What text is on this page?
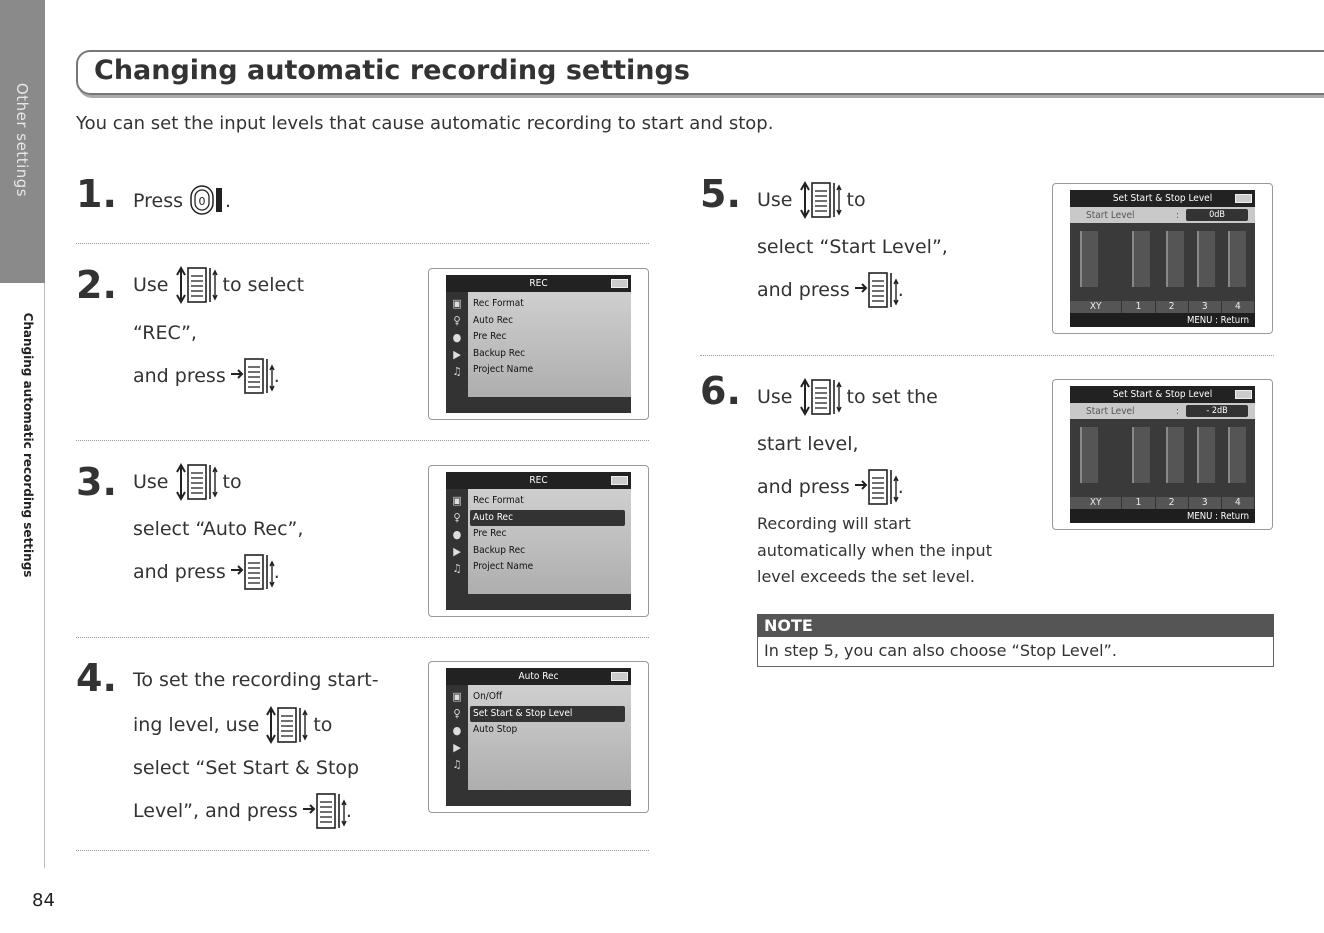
Other settings
Changing automatic recording settings
84
Changing automatic recording settings
You can set the input levels that cause automatic recording to start and stop.
1. Press 0 .
2. Use	to select
“REC”,
and press	.
REC
▣
♀
●
▶
♫
Rec Format
Auto Rec
Pre Rec
Backup Rec
Project Name
3. Use	to
select “Auto Rec”,
and press	.
REC
▣
♀
●
▶
♫
Rec Format
Auto Rec
Pre Rec
Backup Rec
Project Name
4. To set the recording start-
ing level, use	to
select “Set Start & Stop
Level”, and press	.
Auto Rec
▣
♀
●
▶
♫
On/Off
Set Start & Stop Level
Auto Stop
5. Use	to
select “Start Level”,
and press	.
Set Start & Stop Level
Start Level	:	0dB
XY	1	2	3	4
MENU : Return
6. Use	to set the
start level,
and press	.
Recording will start
automatically when the input
level exceeds the set level.
Set Start & Stop Level
Start Level	:	- 2dB
XY	1	2	3	4
MENU : Return
NOTE
In step 5, you can also choose “Stop Level”.
